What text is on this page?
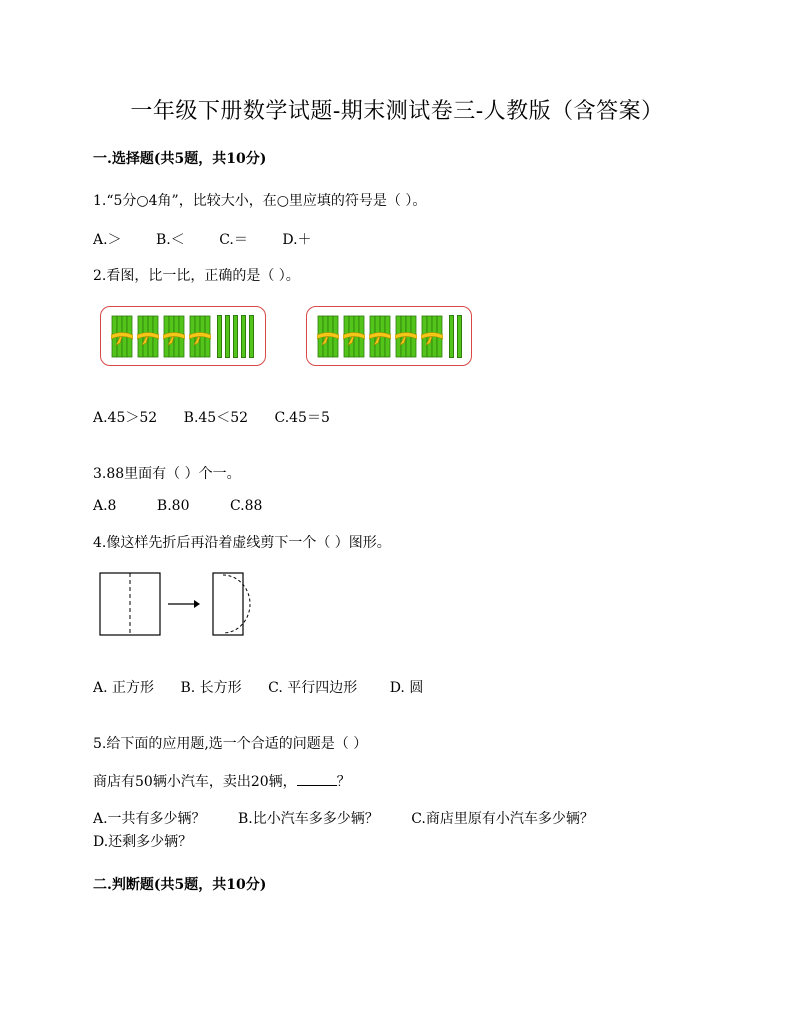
一年级下册数学试题-期末测试卷三-人教版（含答案）
一.选择题(共5题，共10分)
1.“5分○4角”，比较大小，在○里应填的符号是（ ）。
A.＞ B.＜ C.＝ D.＋
2.看图，比一比，正确的是（ ）。
A.45＞52 B.45＜52 C.45＝5
3.88里面有（ ）个一。
A.8	B.80	C.88
4.像这样先折后再沿着虚线剪下一个（ ）图形。
A. 正方形 B. 长方形 C. 平行四边形 D. 圆
5.给下面的应用题,选一个合适的问题是（ ）
商店有50辆小汽车，卖出20辆，	？
A.一共有多少辆？ B.比小汽车多多少辆？ C.商店里原有小汽车多少辆？
D.还剩多少辆？
二.判断题(共5题，共10分)
